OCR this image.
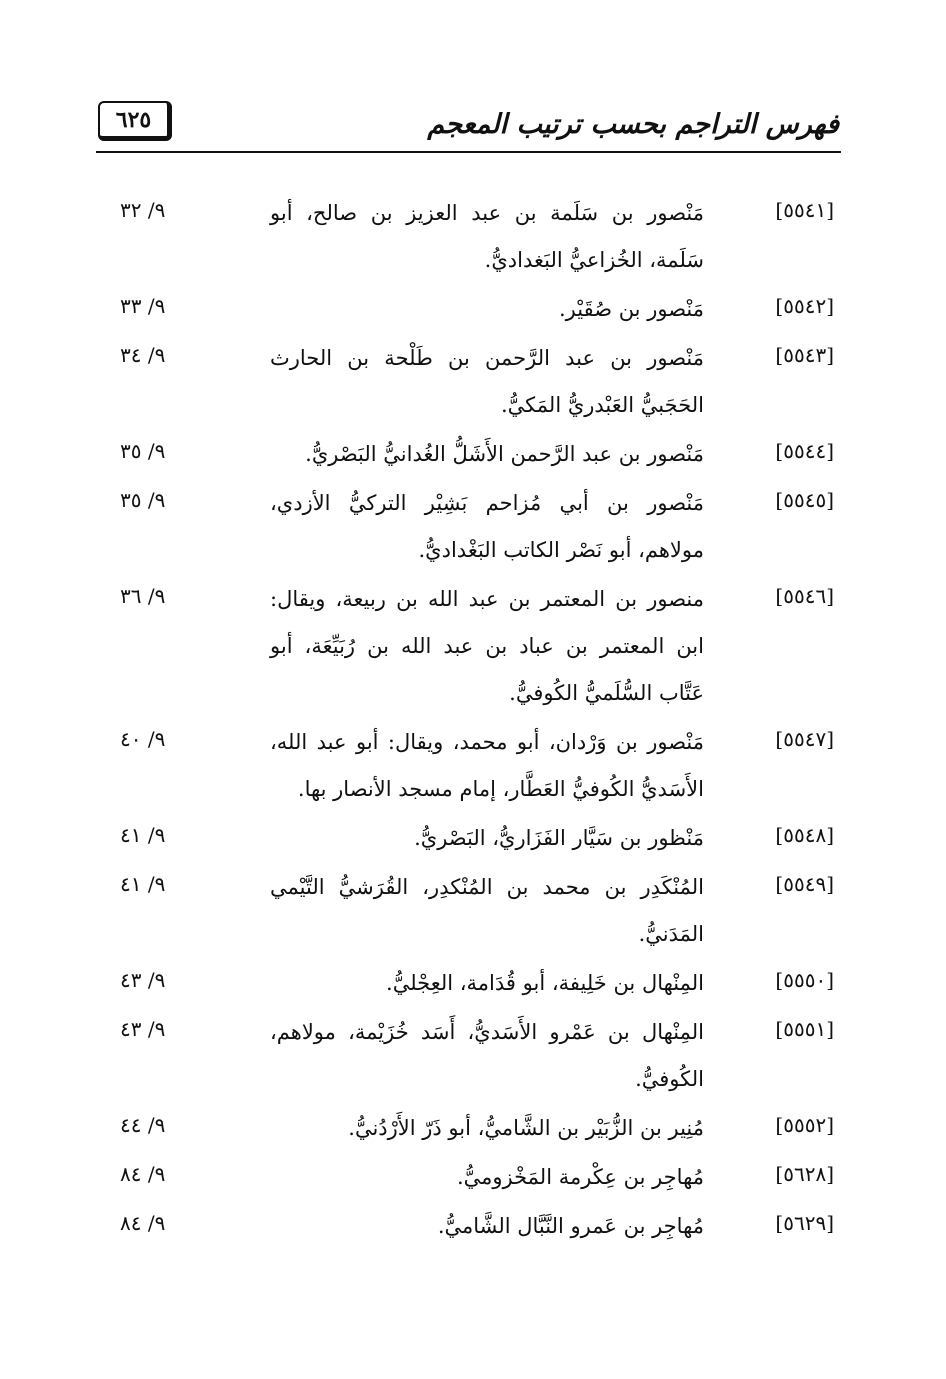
٦٢٥	فهرس التراجم بحسب ترتيب المعجم
[٥٥٤١]
مَنْصور بن سَلَمة بن عبد العزيز بن صالح، أبو سَلَمة، الخُزاعيُّ البَغداديُّ.
٩/ ٣٢
[٥٥٤٢]
مَنْصور بن صُقَيْر.
٩/ ٣٣
[٥٥٤٣]
مَنْصور بن عبد الرَّحمن بن طَلْحة بن الحارث الحَجَبيُّ العَبْدريُّ المَكيُّ.
٩/ ٣٤
[٥٥٤٤]
مَنْصور بن عبد الرَّحمن الأَشَلُّ الغُدانيُّ البَصْريُّ.
٩/ ٣٥
[٥٥٤٥]
مَنْصور بن أبي مُزاحم بَشِيْر التركيُّ الأزدي، مولاهم، أبو نَصْر الكاتب البَغْداديُّ.
٩/ ٣٥
[٥٥٤٦]
منصور بن المعتمر بن عبد الله بن ربيعة، ويقال: ابن المعتمر بن عباد بن عبد الله بن رُبَيِّعَة، أبو عَتَّاب السُّلَميُّ الكُوفيُّ.
٩/ ٣٦
[٥٥٤٧]
مَنْصور بن وَرْدان، أبو محمد، ويقال: أبو عبد الله، الأَسَديُّ الكُوفيُّ العَطَّار، إمام مسجد الأنصار بها.
٩/ ٤٠
[٥٥٤٨]
مَنْظور بن سَيَّار الفَزَاريُّ، البَصْريُّ.
٩/ ٤١
[٥٥٤٩]
المُنْكَدِر بن محمد بن المُنْكدِر، القُرَشيُّ التَّيْمي المَدَنيُّ.
٩/ ٤١
[٥٥٥٠]
المِنْهال بن خَلِيفة، أبو قُدَامة، العِجْليُّ.
٩/ ٤٣
[٥٥٥١]
المِنْهال بن عَمْرو الأَسَديُّ، أَسَد خُزَيْمة، مولاهم، الكُوفيُّ.
٩/ ٤٣
[٥٥٥٢]
مُنِير بن الزُّبَيْر بن الشَّاميُّ، أبو ذَرّ الأَرْدُنيُّ.
٩/ ٤٤
[٥٦٢٨]
مُهاجِر بن عِكْرمة المَخْزوميُّ.
٩/ ٨٤
[٥٦٢٩]
مُهاجِر بن عَمرو النَّبَّال الشَّاميُّ.
٩/ ٨٤
